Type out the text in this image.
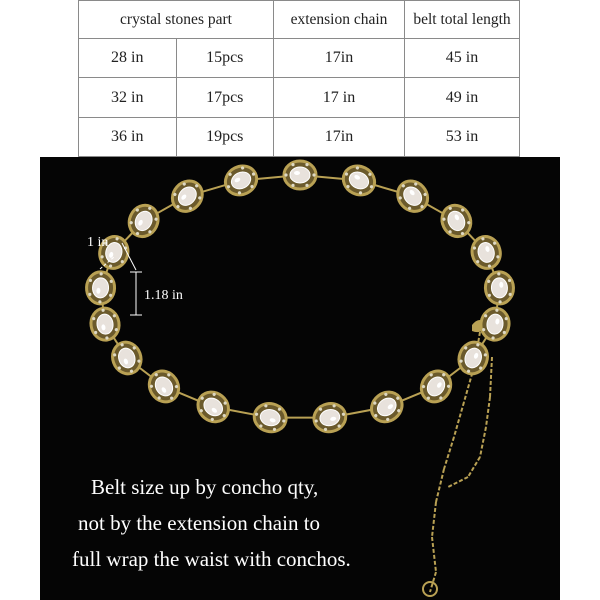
crystal stones part		extension chain	belt total length
28 in	15pcs	17in	45 in
32 in	17pcs	17 in	49 in
36 in	19pcs	17in	53 in
1 in
1.18 in
Belt size up by concho qty,
not by the extension chain to
full wrap the waist with conchos.
